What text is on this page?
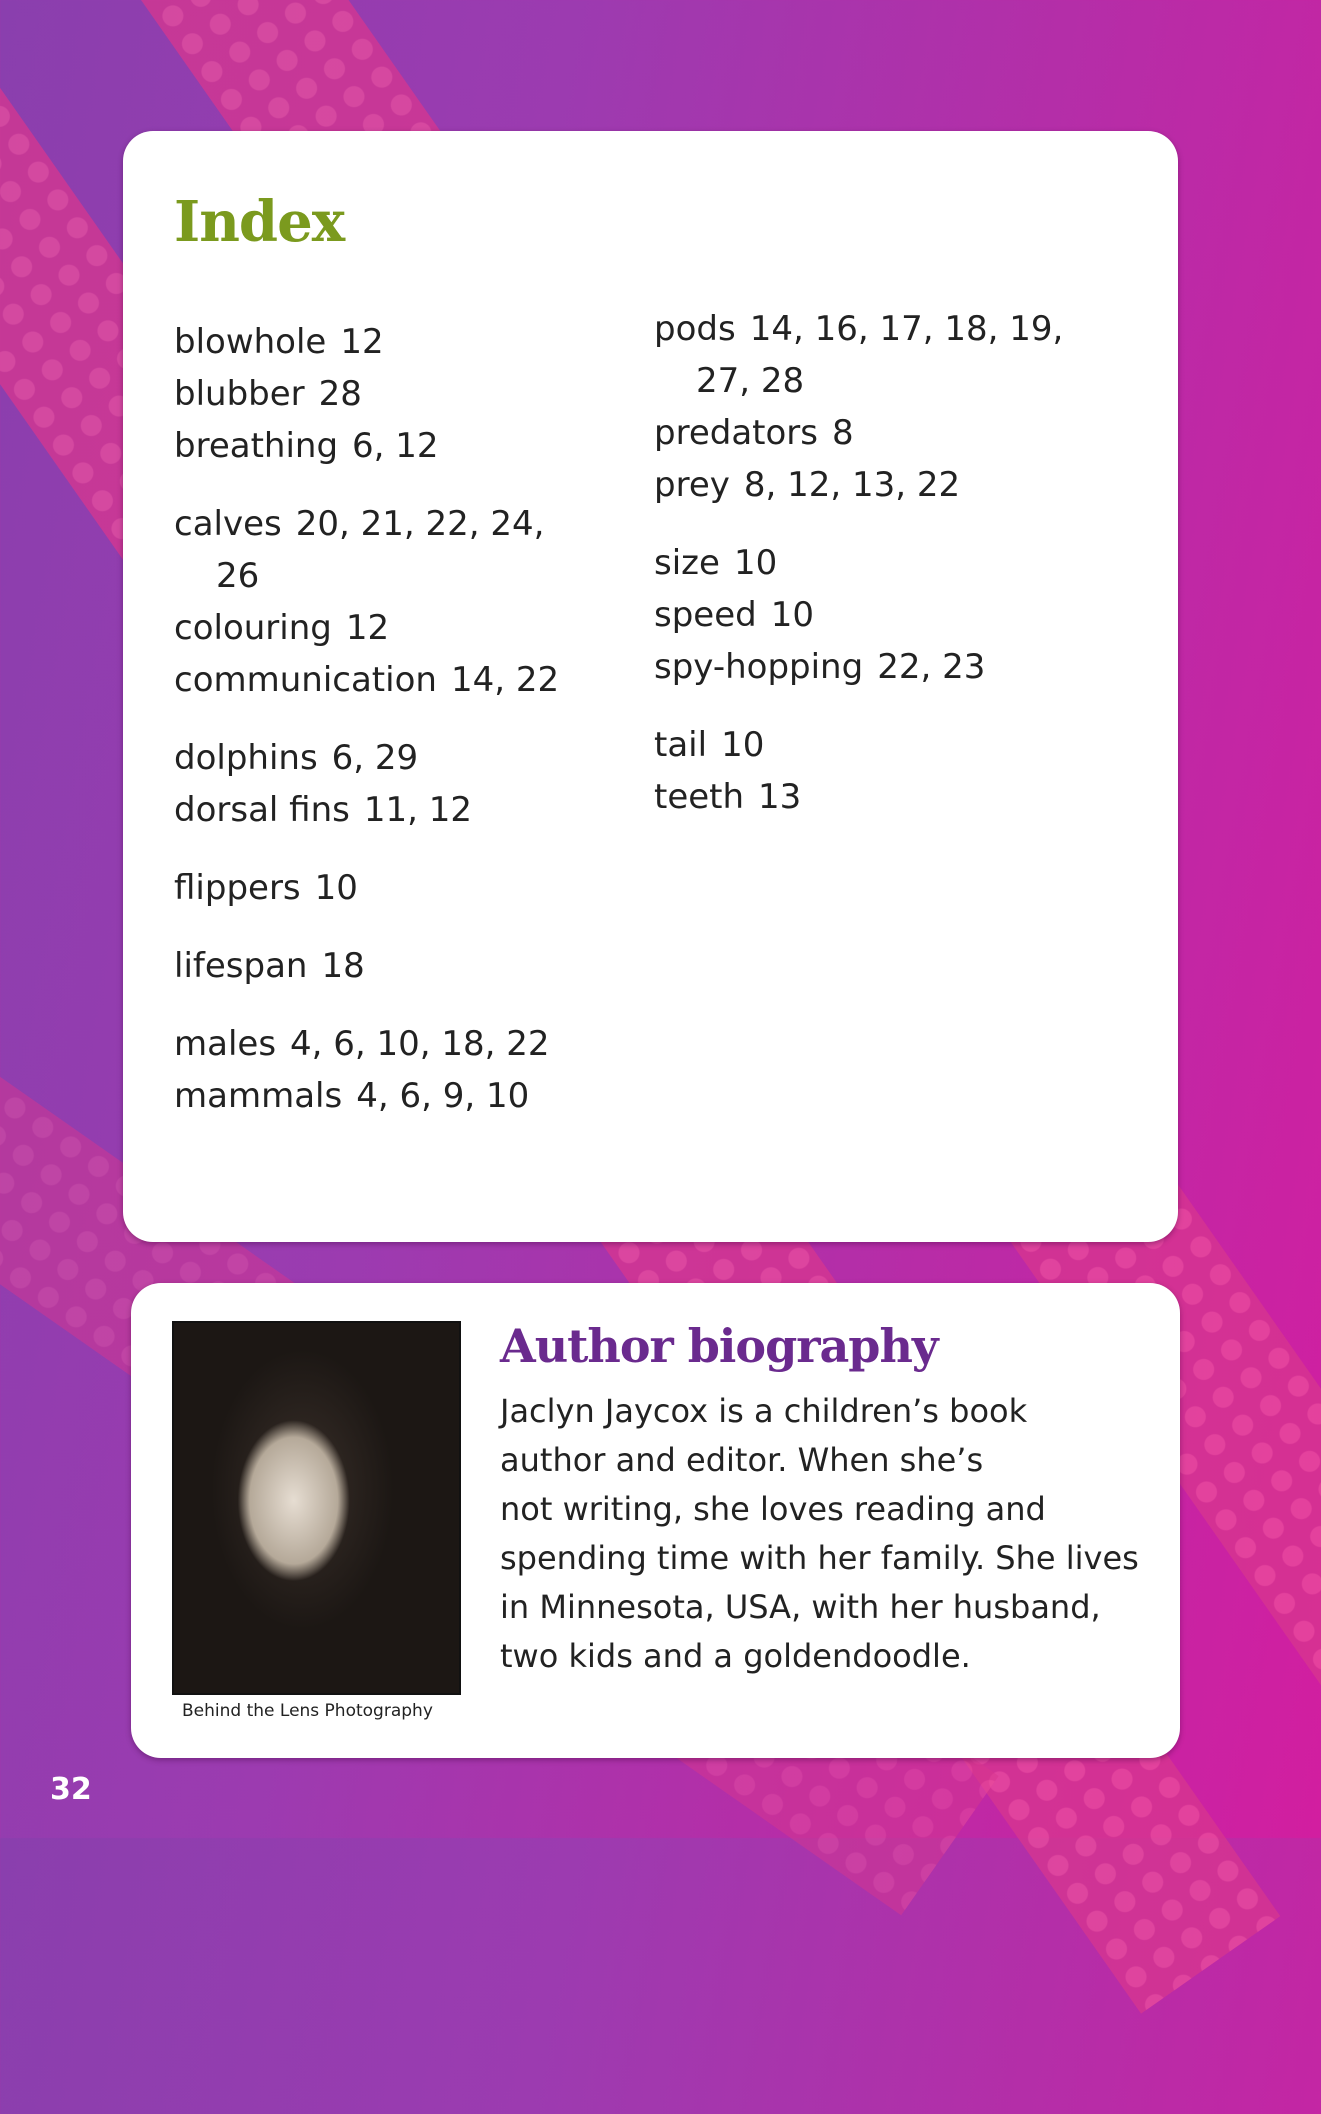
Index
blowhole 12
blubber 28
breathing 6, 12
calves 20, 21, 22, 24,
26
colouring 12
communication 14, 22
dolphins 6, 29
dorsal fins 11, 12
flippers 10
lifespan 18
males 4, 6, 10, 18, 22
mammals 4, 6, 9, 10
pods 14, 16, 17, 18, 19,
27, 28
predators 8
prey 8, 12, 13, 22
size 10
speed 10
spy-hopping 22, 23
tail 10
teeth 13
Behind the Lens Photography
Author biography
Jaclyn Jaycox is a children’s book
author and editor. When she’s
not writing, she loves reading and
spending time with her family. She lives
in Minnesota, USA, with her husband,
two kids and a goldendoodle.
32
